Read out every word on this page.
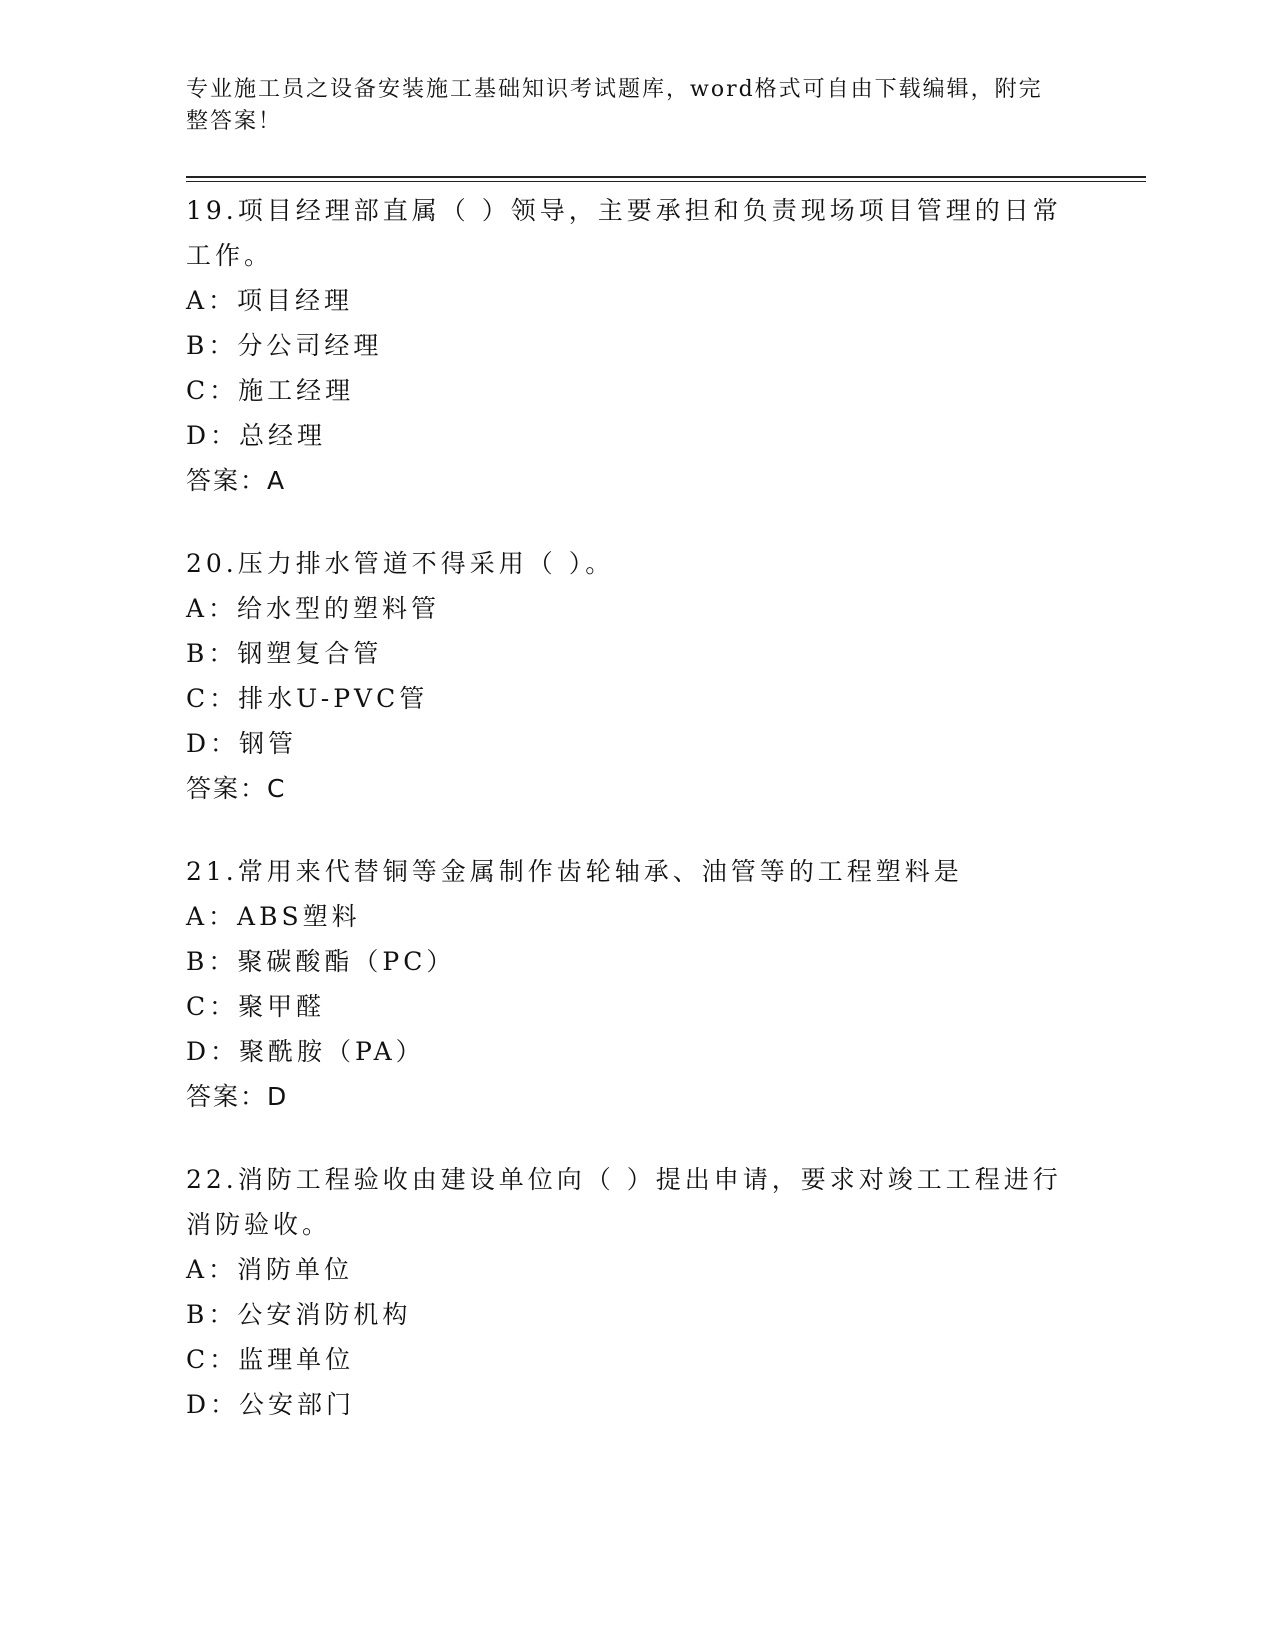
专业施工员之设备安装施工基础知识考试题库，word格式可自由下载编辑，附完整答案！
19.项目经理部直属（ ）领导，主要承担和负责现场项目管理的日常工作。
A：项目经理
B：分公司经理
C：施工经理
D：总经理
答案：A
20.压力排水管道不得采用（ ）。
A：给水型的塑料管
B：钢塑复合管
C：排水U-PVC管
D：钢管
答案：C
21.常用来代替铜等金属制作齿轮轴承、油管等的工程塑料是
A：ABS塑料
B：聚碳酸酯（PC）
C：聚甲醛
D：聚酰胺（PA）
答案：D
22.消防工程验收由建设单位向（ ）提出申请，要求对竣工工程进行消防验收。
A：消防单位
B：公安消防机构
C：监理单位
D：公安部门
